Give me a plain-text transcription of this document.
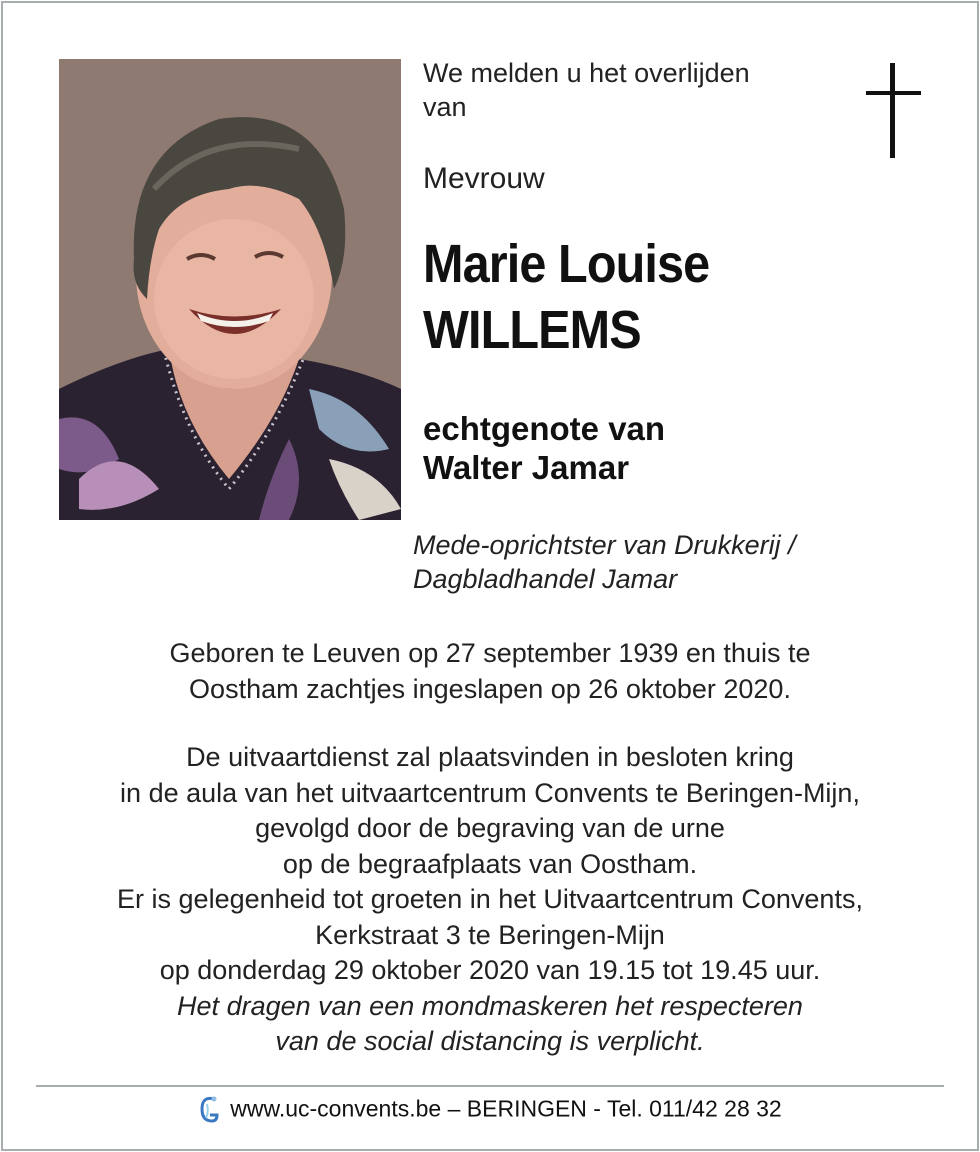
We melden u het overlijden
van
Mevrouw
Marie Louise
WILLEMS
echtgenote van
Walter Jamar
Mede-oprichtster van Drukkerij /
Dagbladhandel Jamar
Geboren te Leuven op 27 september 1939 en thuis te
Oostham zachtjes ingeslapen op 26 oktober 2020.
De uitvaartdienst zal plaatsvinden in besloten kring
in de aula van het uitvaartcentrum Convents te Beringen-Mijn,
gevolgd door de begraving van de urne
op de begraafplaats van Oostham.
Er is gelegenheid tot groeten in het Uitvaartcentrum Convents,
Kerkstraat 3 te Beringen-Mijn
op donderdag 29 oktober 2020 van 19.15 tot 19.45 uur.
Het dragen van een mondmaskeren het respecteren
van de social distancing is verplicht.
www.uc-convents.be – BERINGEN - Tel. 011/42 28 32
